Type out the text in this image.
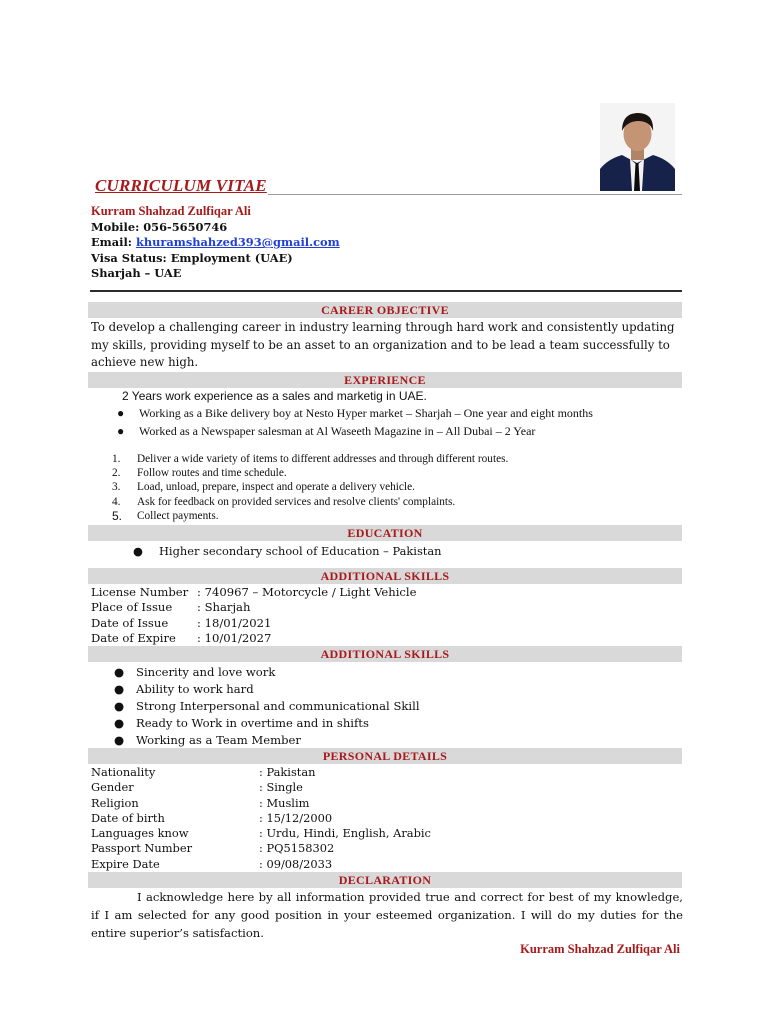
CURRICULUM VITAE
Kurram Shahzad Zulfiqar Ali
Mobile: 056-5650746
Email: khuramshahzed393@gmail.com
Visa Status: Employment (UAE)
Sharjah – UAE
CAREER OBJECTIVE
To develop a challenging career in industry learning through hard work and consistently updating my skills, providing myself to be an asset to an organization and to be lead a team successfully to achieve new high.
EXPERIENCE
2 Years work experience as a sales and marketig in UAE.
● Working as a Bike delivery boy at Nesto Hyper market – Sharjah – One year and eight months
● Worked as a Newspaper salesman at Al Waseeth Magazine in – All Dubai – 2 Year
1. Deliver a wide variety of items to different addresses and through different routes.
2. Follow routes and time schedule.
3. Load, unload, prepare, inspect and operate a delivery vehicle.
4. Ask for feedback on provided services and resolve clients' complaints.
5. Collect payments.
EDUCATION
● Higher secondary school of Education – Pakistan
ADDITIONAL SKILLS
License Number : 740967 – Motorcycle / Light Vehicle
Place of Issue	: Sharjah
Date of Issue	: 18/01/2021
Date of Expire	: 10/01/2027
ADDITIONAL SKILLS
● Sincerity and love work
● Ability to work hard
● Strong Interpersonal and communicational Skill
● Ready to Work in overtime and in shifts
● Working as a Team Member
PERSONAL DETAILS
Nationality	: Pakistan
Gender	: Single
Religion	: Muslim
Date of birth	: 15/12/2000
Languages know	: Urdu, Hindi, English, Arabic
Passport Number	: PQ5158302
Expire Date	: 09/08/2033
DECLARATION
I acknowledge here by all information provided true and correct for best of my knowledge, if I am selected for any good position in your esteemed organization. I will do my duties for the entire superior’s satisfaction.
Kurram Shahzad Zulfiqar Ali
